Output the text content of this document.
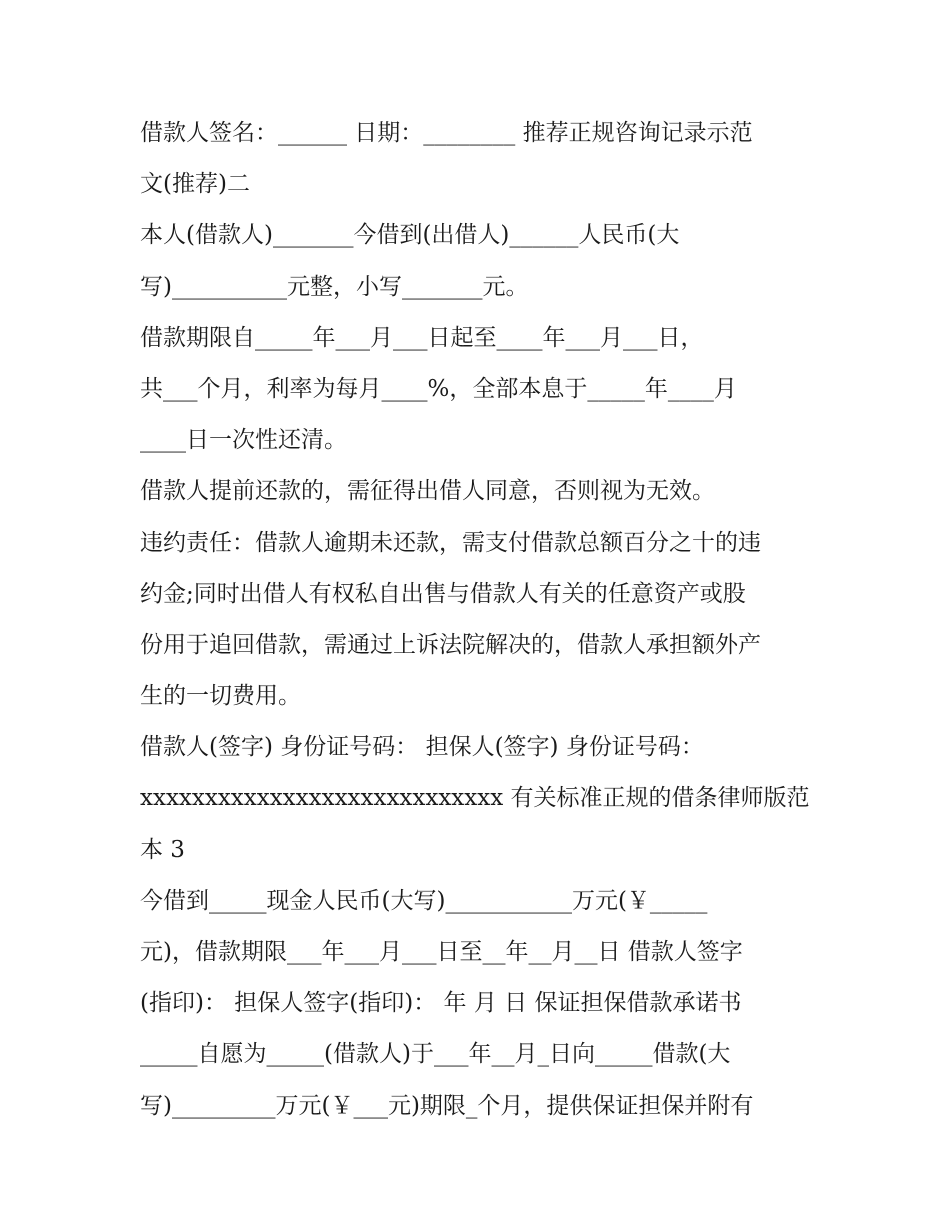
借款人签名：______ 日期：________ 推荐正规咨询记录示范
文(推荐)二
本人(借款人)_______今借到(出借人)______人民币(大
写)__________元整，小写_______元。
借款期限自_____年___月___日起至____年___月___日，
共___个月，利率为每月____%，全部本息于_____年____月
____日一次性还清。
借款人提前还款的，需征得出借人同意，否则视为无效。
违约责任：借款人逾期未还款，需支付借款总额百分之十的违
约金;同时出借人有权私自出售与借款人有关的任意资产或股
份用于追回借款，需通过上诉法院解决的，借款人承担额外产
生的一切费用。
借款人(签字) 身份证号码： 担保人(签字) 身份证号码：
xxxxxxxxxxxxxxxxxxxxxxxxxxxx 有关标准正规的借条律师版范
本 3
今借到_____现金人民币(大写)___________万元(￥_____
元)，借款期限___年___月___日至__年__月__日 借款人签字
(指印)： 担保人签字(指印)： 年 月 日 保证担保借款承诺书
_____自愿为_____(借款人)于___年__月_日向_____借款(大
写)_________万元(￥___元)期限_个月，提供保证担保并附有
